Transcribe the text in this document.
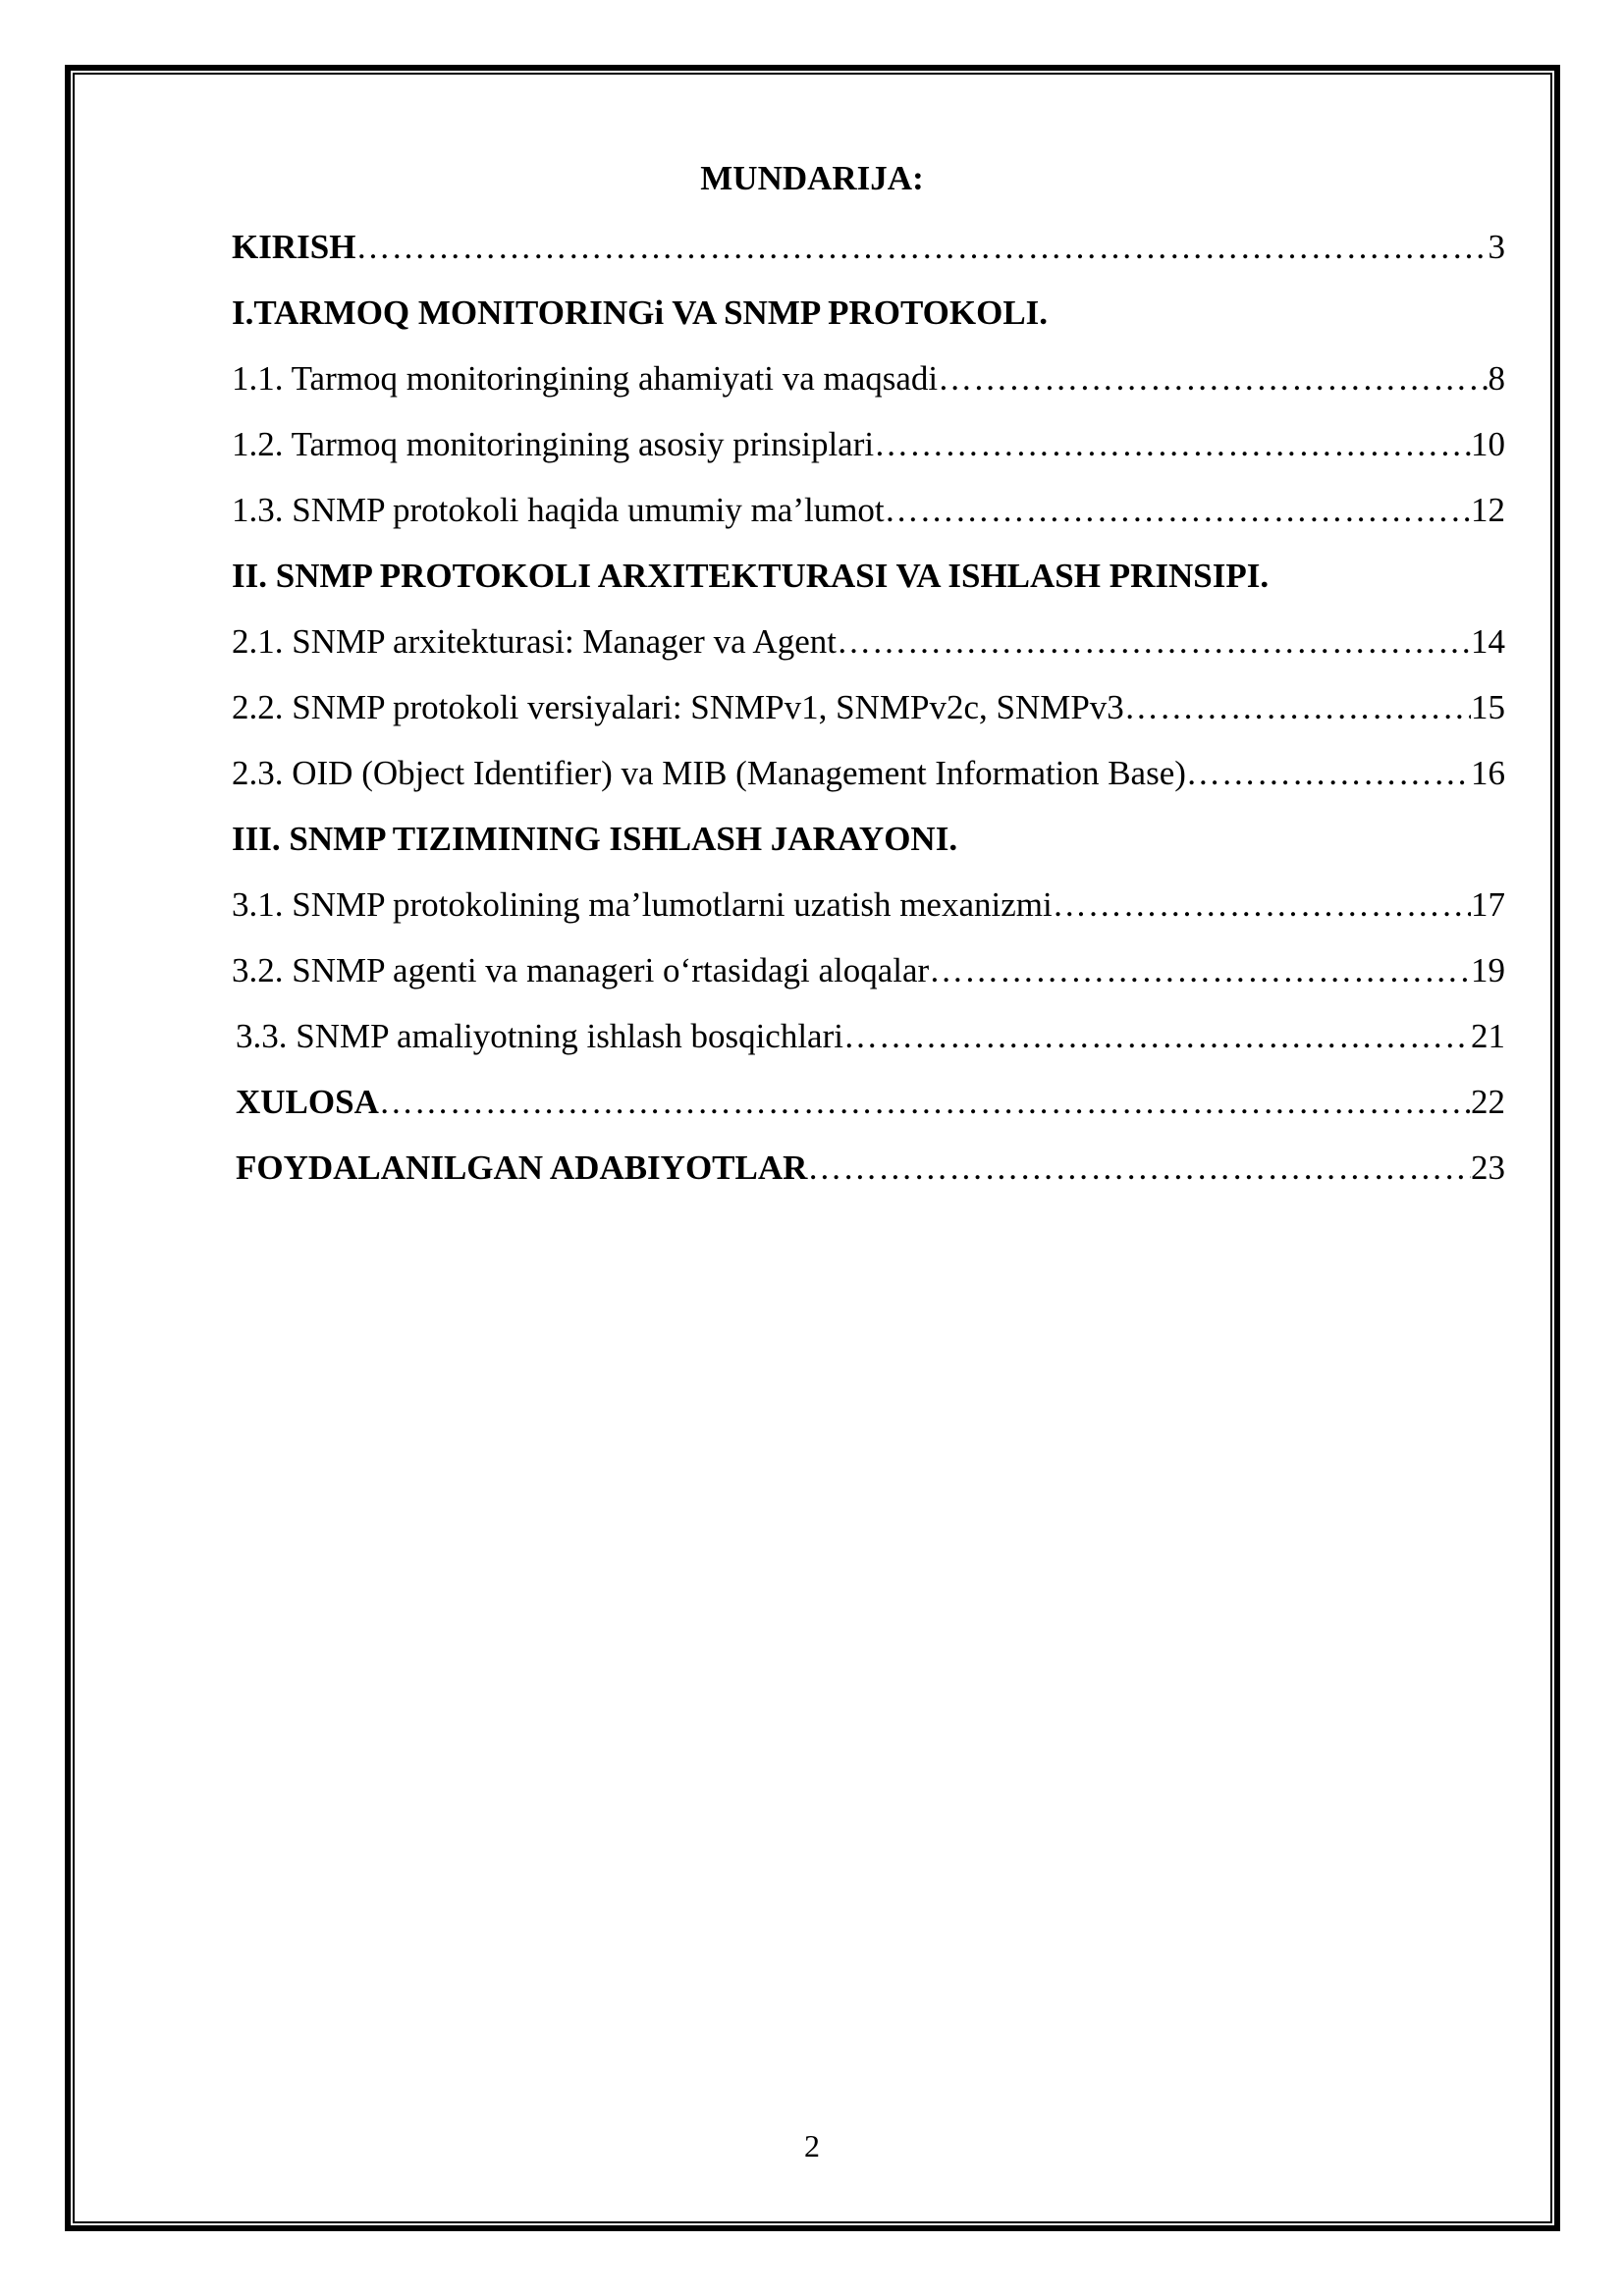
MUNDARIJA:
KIRISH ……………………………………………………………………………………………………………………………………………………………………	3
I.TARMOQ MONITORINGi VA SNMP PROTOKOLI.
1.1. Tarmoq monitoringining ahamiyati va maqsadi ……………………………………………………………………………………………………………………………………………………………………	8
1.2. Tarmoq monitoringining asosiy prinsiplari ……………………………………………………………………………………………………………………………………………………………………	10
1.3. SNMP protokoli haqida umumiy ma’lumot ……………………………………………………………………………………………………………………………………………………………………	12
II. SNMP PROTOKOLI ARXITEKTURASI VA ISHLASH PRINSIPI.
2.1. SNMP arxitekturasi: Manager va Agent ……………………………………………………………………………………………………………………………………………………………………	14
2.2. SNMP protokoli versiyalari: SNMPv1, SNMPv2c, SNMPv3 ……………………………………………………………………………………………………………………………………………………………………	15
2.3. OID (Object Identifier) va MIB (Management Information Base) ……………………………………………………………………………………………………………………………………………………………………	16
III. SNMP TIZIMINING ISHLASH JARAYONI.
3.1. SNMP protokolining ma’lumotlarni uzatish mexanizmi ……………………………………………………………………………………………………………………………………………………………………	17
3.2. SNMP agenti va manageri o‘rtasidagi aloqalar ……………………………………………………………………………………………………………………………………………………………………	19
3.3. SNMP amaliyotning ishlash bosqichlari ……………………………………………………………………………………………………………………………………………………………………	21
XULOSA ……………………………………………………………………………………………………………………………………………………………………	22
FOYDALANILGAN ADABIYOTLAR ……………………………………………………………………………………………………………………………………………………………………	23
2
